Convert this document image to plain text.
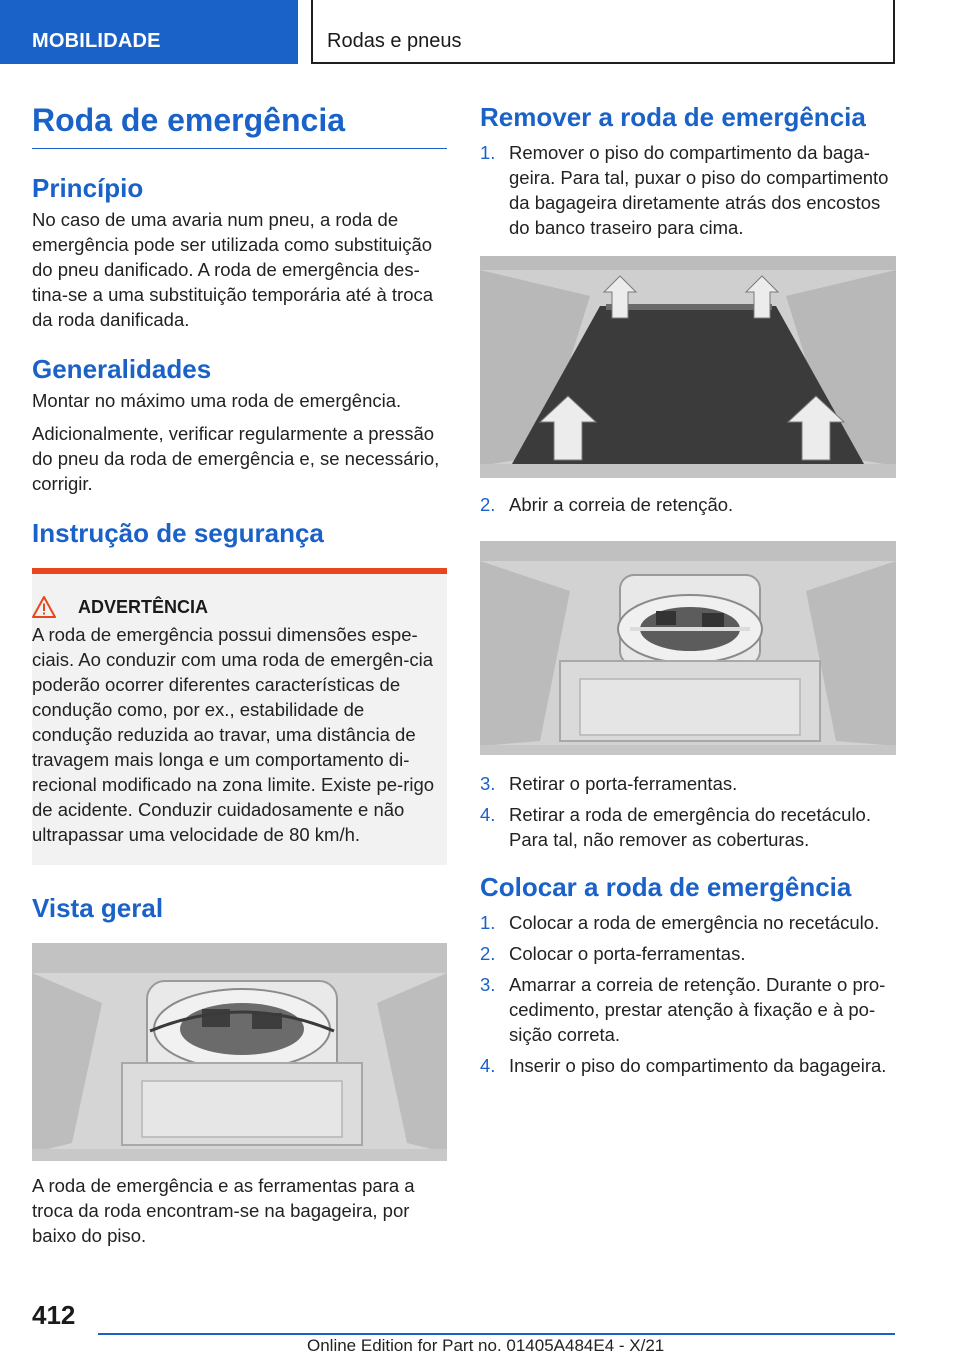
MOBILIDADE	Rodas e pneus
Roda de emergência
Princípio
No caso de uma avaria num pneu, a roda de emergência pode ser utilizada como substituição do pneu danificado. A roda de emergência des-tina-se a uma substituição temporária até à troca da roda danificada.
Generalidades
Montar no máximo uma roda de emergência.
Adicionalmente, verificar regularmente a pressão do pneu da roda de emergência e, se necessário, corrigir.
Instrução de segurança
ADVERTÊNCIA
A roda de emergência possui dimensões espe-ciais. Ao conduzir com uma roda de emergên-cia poderão ocorrer diferentes características de condução como, por ex., estabilidade de condução reduzida ao travar, uma distância de travagem mais longa e um comportamento di-recional modificado na zona limite. Existe pe-rigo de acidente. Conduzir cuidadosamente e não ultrapassar uma velocidade de 80 km/h.
Vista geral
A roda de emergência e as ferramentas para a troca da roda encontram-se na bagageira, por baixo do piso.
Remover a roda de emergência
1. Remover o piso do compartimento da baga-geira. Para tal, puxar o piso do compartimento da bagageira diretamente atrás dos encostos do banco traseiro para cima.
2. Abrir a correia de retenção.
3. Retirar o porta-ferramentas.
4. Retirar a roda de emergência do recetáculo. Para tal, não remover as coberturas.
Colocar a roda de emergência
1. Colocar a roda de emergência no recetáculo.
2. Colocar o porta-ferramentas.
3. Amarrar a correia de retenção. Durante o pro-cedimento, prestar atenção à fixação e à po-sição correta.
4. Inserir o piso do compartimento da bagageira.
412
Online Edition for Part no. 01405A484E4 - X/21
